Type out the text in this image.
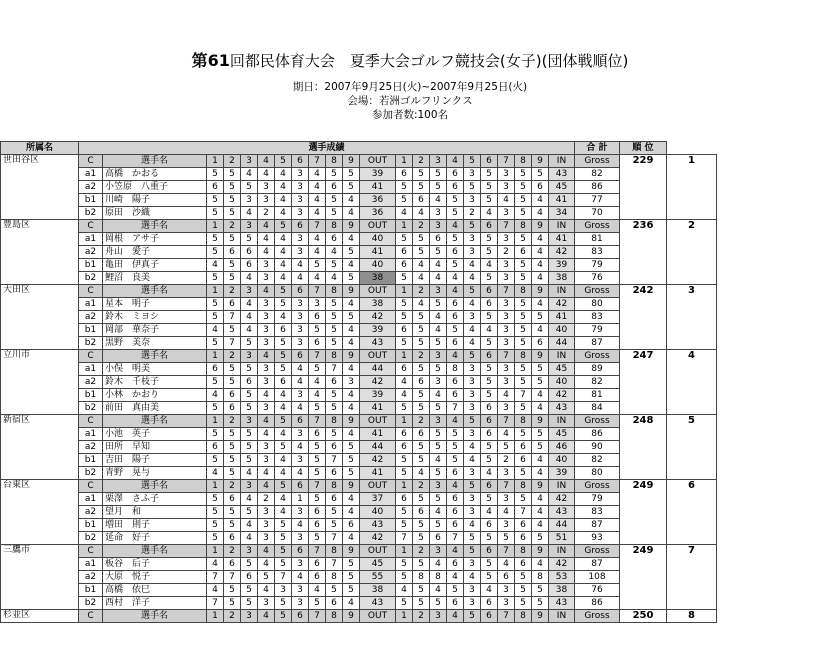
第61回都民体育大会　夏季大会ゴルフ競技会(女子)(団体戦順位)
期日：2007年9月25日(火)~2007年9月25日(火)
会場：若洲ゴルフリンクス
参加者数:100名
所属名	選手成績																						合 計	順 位	
世田谷区	C	選手名	1	2	3	4	5	6	7	8	9	OUT	1	2	3	4	5	6	7	8	9	IN	Gross	229	1
	a1	高橋　かおる	5	5	4	4	4	3	4	5	5	39	6	5	5	6	3	5	3	5	5	43	82		
	a2	小笠原　八重子	6	5	5	3	4	3	4	6	5	41	5	5	5	6	5	5	3	5	6	45	86		
	b1	川崎　陽子	5	5	3	3	4	3	4	5	4	36	5	6	4	5	3	5	4	5	4	41	77		
	b2	原田　沙織	5	5	4	2	4	3	4	5	4	36	4	4	3	5	2	4	3	5	4	34	70		
豊島区	C	選手名	1	2	3	4	5	6	7	8	9	OUT	1	2	3	4	5	6	7	8	9	IN	Gross	236	2
	a1	岡根　アサ子	5	5	5	4	4	3	4	6	4	40	5	5	6	5	3	5	3	5	4	41	81		
	a2	舟山　愛子	5	6	6	4	4	3	4	4	5	41	6	5	5	6	3	5	2	6	4	42	83		
	b1	亀田　伊真子	4	5	6	3	4	4	5	5	4	40	6	4	4	5	4	4	3	5	4	39	79		
	b2	鯉沼　良美	5	5	4	3	4	4	4	4	5	38	5	4	4	4	4	5	3	5	4	38	76		
大田区	C	選手名	1	2	3	4	5	6	7	8	9	OUT	1	2	3	4	5	6	7	8	9	IN	Gross	242	3
	a1	星本　明子	5	6	4	3	5	3	3	5	4	38	5	4	5	6	4	6	3	5	4	42	80		
	a2	鈴木　ミヨシ	5	7	4	3	4	3	6	5	5	42	5	5	4	6	3	5	3	5	5	41	83		
	b1	岡部　華奈子	4	5	4	3	6	3	5	5	4	39	6	5	4	5	4	4	3	5	4	40	79		
	b2	黒野　美奈	5	7	5	3	5	3	6	5	4	43	5	5	5	6	4	5	3	5	6	44	87		
立川市	C	選手名	1	2	3	4	5	6	7	8	9	OUT	1	2	3	4	5	6	7	8	9	IN	Gross	247	4
	a1	小俣　明美	6	5	5	3	5	4	5	7	4	44	6	5	5	8	3	5	3	5	5	45	89		
	a2	鈴木　千枝子	5	5	6	3	6	4	4	6	3	42	4	6	3	6	3	5	3	5	5	40	82		
	b1	小林　かおり	4	6	5	4	4	3	4	5	4	39	4	5	4	6	3	5	4	7	4	42	81		
	b2	前田　真由美	5	6	5	3	4	4	5	5	4	41	5	5	5	7	3	6	3	5	4	43	84		
新宿区	C	選手名	1	2	3	4	5	6	7	8	9	OUT	1	2	3	4	5	6	7	8	9	IN	Gross	248	5
	a1	小池　英子	5	5	5	4	4	3	6	5	4	41	6	6	5	5	3	6	4	5	5	45	86		
	a2	田所　早知	6	5	5	3	5	4	5	6	5	44	6	5	5	5	4	5	5	6	5	46	90		
	b1	吉田　陽子	5	5	5	3	4	3	5	7	5	42	5	5	4	5	4	5	2	6	4	40	82		
	b2	青野　晃与	4	5	4	4	4	4	5	6	5	41	5	4	5	6	3	4	3	5	4	39	80		
台東区	C	選手名	1	2	3	4	5	6	7	8	9	OUT	1	2	3	4	5	6	7	8	9	IN	Gross	249	6
	a1	栗澤　さふ子	5	6	4	2	4	1	5	6	4	37	6	5	5	6	3	5	3	5	4	42	79		
	a2	望月　和	5	5	5	3	4	3	6	5	4	40	5	6	4	6	3	4	4	7	4	43	83		
	b1	増田　則子	5	5	4	3	5	4	6	5	6	43	5	5	5	6	4	6	3	6	4	44	87		
	b2	延命　好子	5	6	4	3	5	3	5	7	4	42	7	5	6	7	5	5	5	6	5	51	93		
三鷹市	C	選手名	1	2	3	4	5	6	7	8	9	OUT	1	2	3	4	5	6	7	8	9	IN	Gross	249	7
	a1	板谷　后子	4	6	5	4	5	3	6	7	5	45	5	5	4	6	3	5	4	6	4	42	87		
	a2	大原　悦子	7	7	6	5	7	4	6	8	5	55	5	8	8	4	4	5	6	5	8	53	108		
	b1	高橋　依巳	4	5	5	4	3	3	4	5	5	38	4	5	4	5	3	4	3	5	5	38	76		
	b2	西村　洋子	7	5	5	3	5	3	5	6	4	43	5	5	5	6	3	6	3	5	5	43	86		
杉並区	C	選手名	1	2	3	4	5	6	7	8	9	OUT	1	2	3	4	5	6	7	8	9	IN	Gross	250	8
